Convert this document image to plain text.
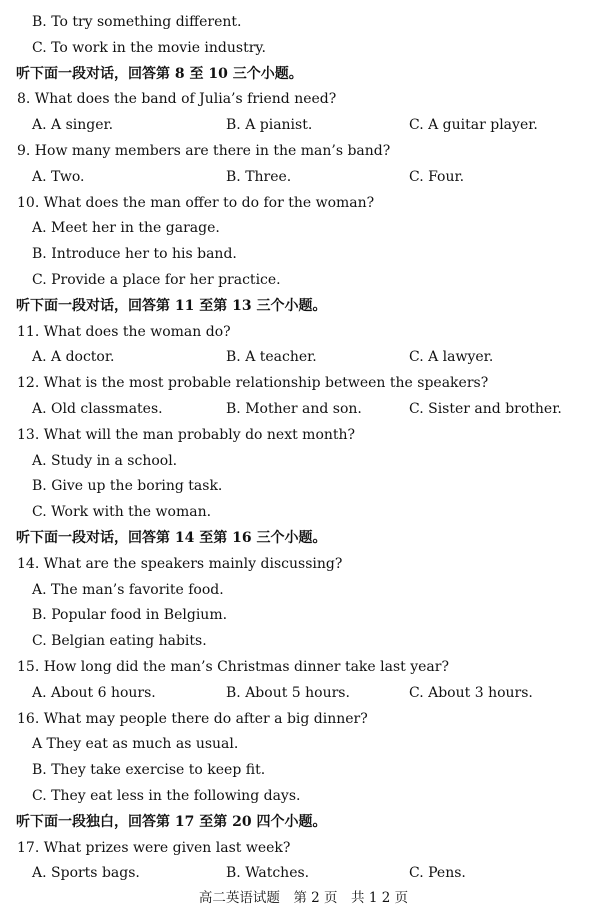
B. To try something different.
C. To work in the movie industry.
听下面一段对话，回答第 8 至 10 三个小题。
8. What does the band of Julia’s friend need?
A. A singer.	B. A pianist.	C. A guitar player.
9. How many members are there in the man’s band?
A. Two.	B. Three.	C. Four.
10. What does the man offer to do for the woman?
A. Meet her in the garage.
B. Introduce her to his band.
C. Provide a place for her practice.
听下面一段对话，回答第 11 至第 13 三个小题。
11. What does the woman do?
A. A doctor.	B. A teacher.	C. A lawyer.
12. What is the most probable relationship between the speakers?
A. Old classmates.	B. Mother and son.	C. Sister and brother.
13. What will the man probably do next month?
A. Study in a school.
B. Give up the boring task.
C. Work with the woman.
听下面一段对话，回答第 14 至第 16 三个小题。
14. What are the speakers mainly discussing?
A. The man’s favorite food.
B. Popular food in Belgium.
C. Belgian eating habits.
15. How long did the man’s Christmas dinner take last year?
A. About 6 hours.	B. About 5 hours.	C. About 3 hours.
16. What may people there do after a big dinner?
A They eat as much as usual.
B. They take exercise to keep fit.
C. They eat less in the following days.
听下面一段独白，回答第 17 至第 20 四个小题。
17. What prizes were given last week?
A. Sports bags.	B. Watches.	C. Pens.
高二英语试题　第 2 页　共 1 2 页
